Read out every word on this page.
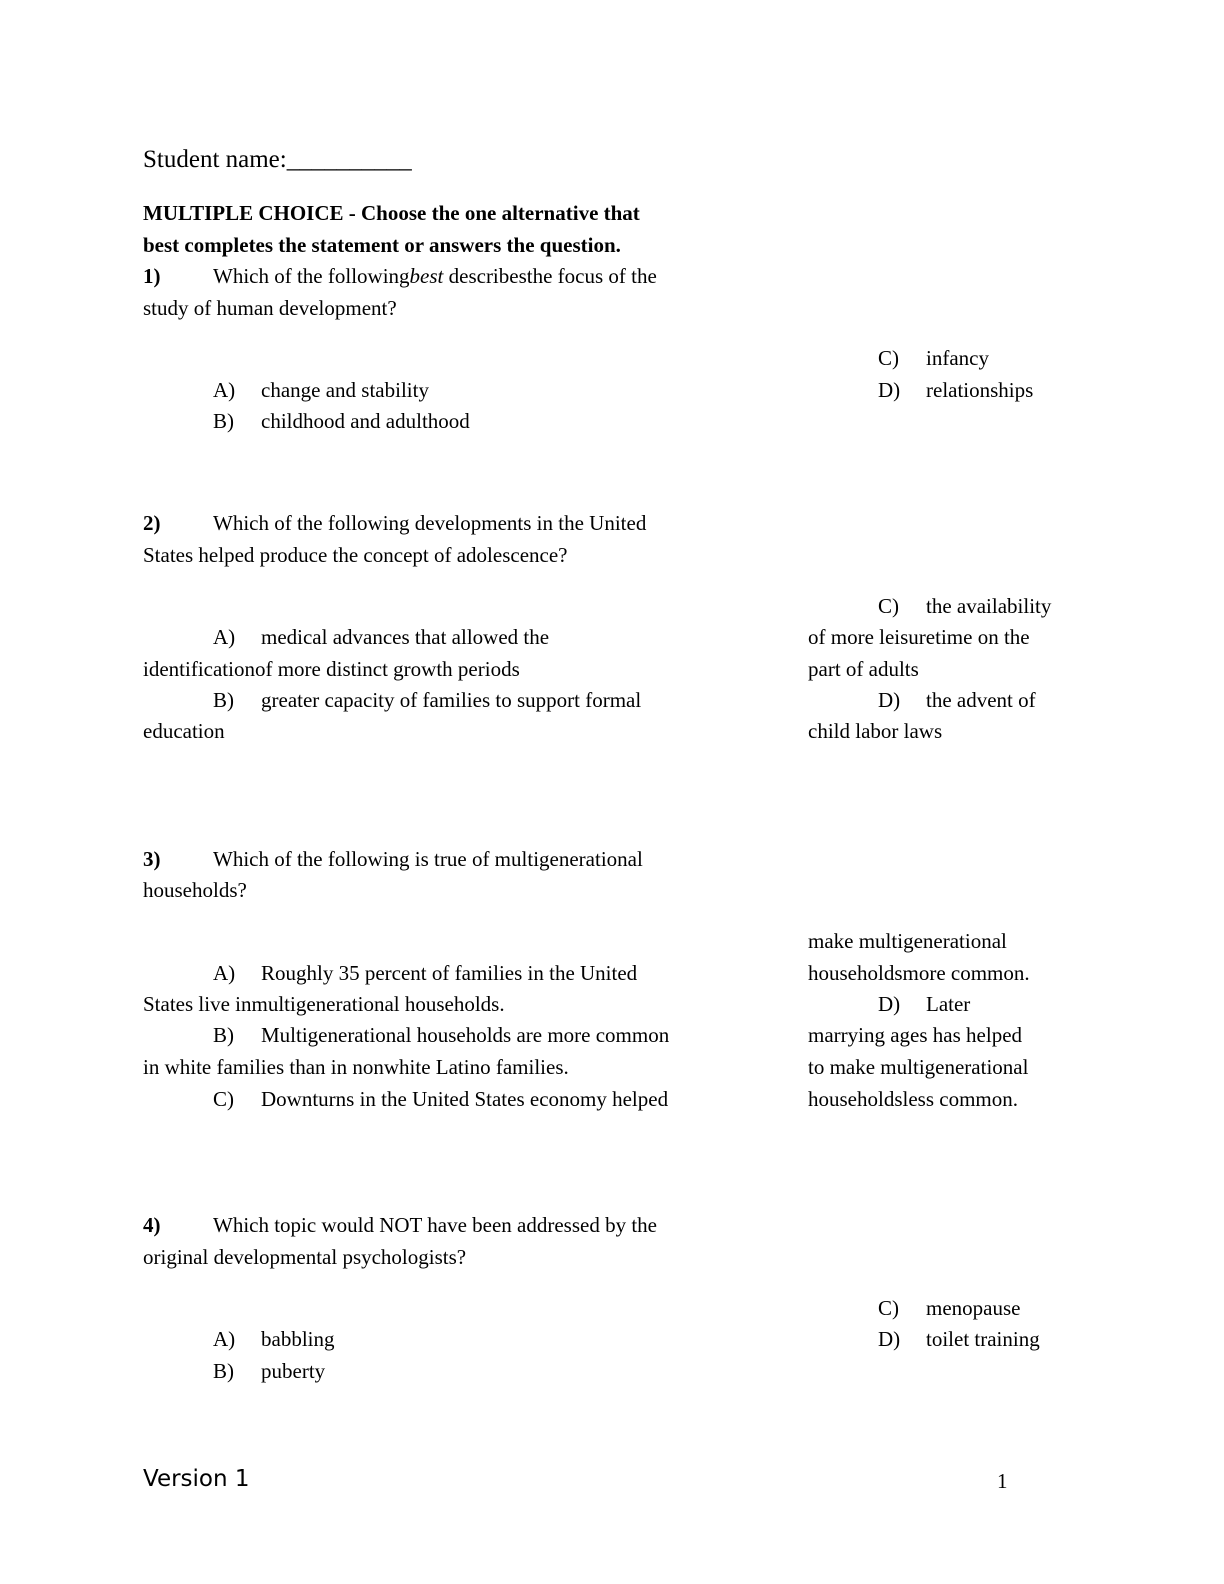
Student name:__________
MULTIPLE CHOICE - Choose the one alternative that
best completes the statement or answers the question.
1)	Which of the followingbest describesthe focus of the
study of human development?
C) infancy
D) relationships
A) change and stability
B) childhood and adulthood
2)	Which of the following developments in the United
States helped produce the concept of adolescence?
C) the availability
of more leisuretime on the
part of adults
D) the advent of
child labor laws
A) medical advances that allowed the
identificationof more distinct growth periods
B) greater capacity of families to support formal
education
3)	Which of the following is true of multigenerational
households?
make multigenerational
householdsmore common.
D) Later
marrying ages has helped
to make multigenerational
householdsless common.
A) Roughly 35 percent of families in the United
States live inmultigenerational households.
B) Multigenerational households are more common
in white families than in nonwhite Latino families.
C) Downturns in the United States economy helped
4)	Which topic would NOT have been addressed by the
original developmental psychologists?
C) menopause
D) toilet training
A) babbling
B) puberty
Version 1	1
